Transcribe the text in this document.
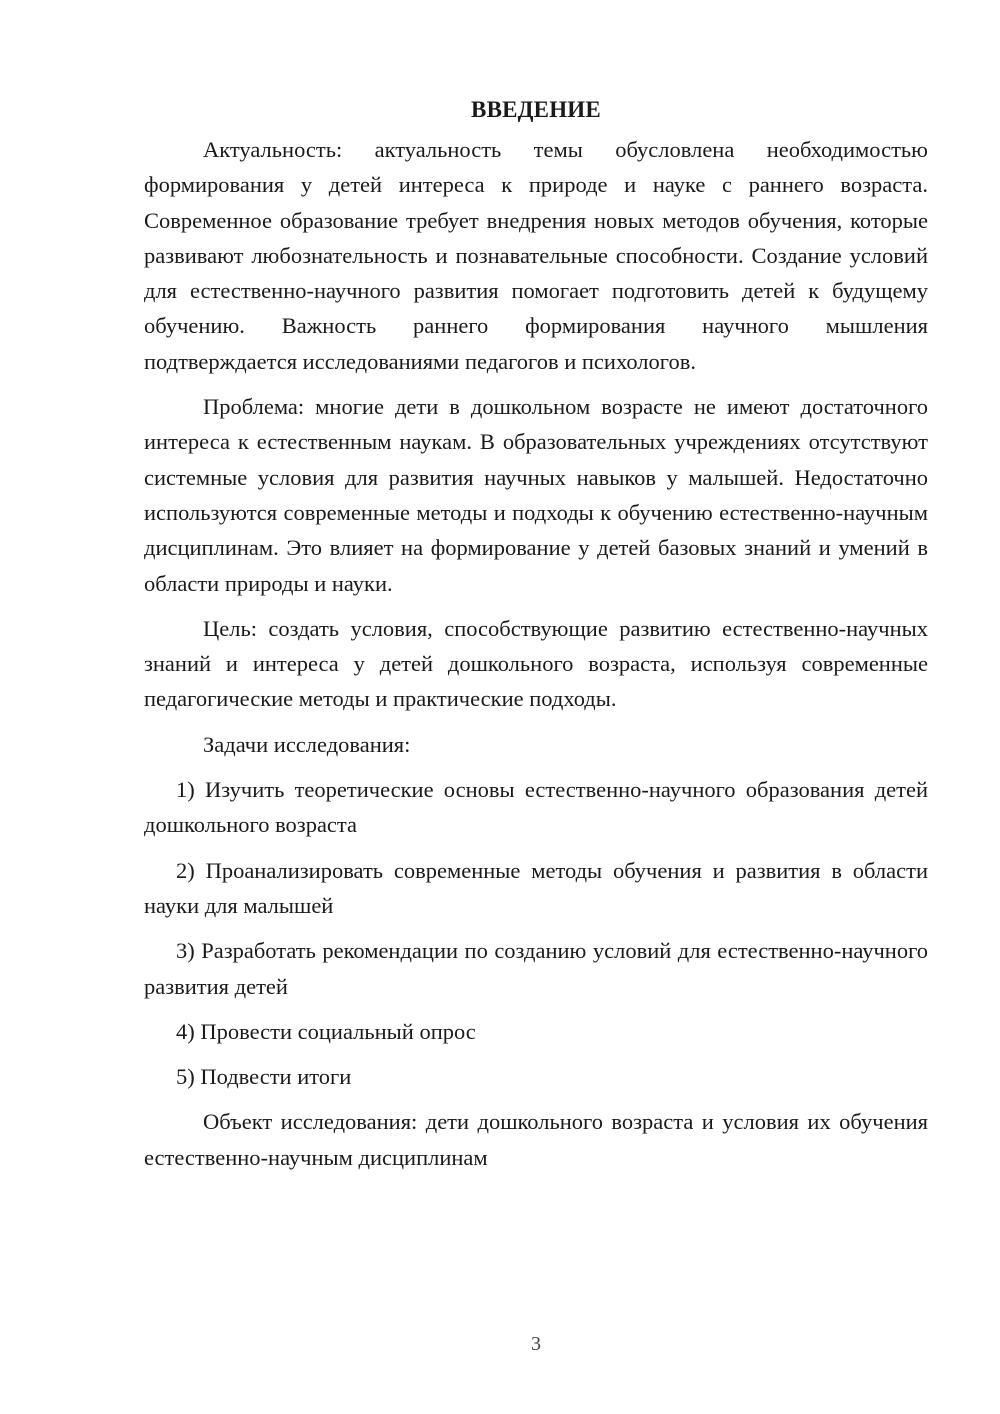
ВВЕДЕНИЕ

Актуальность: актуальность темы обусловлена необходимостью формирования у детей интереса к природе и науке с раннего возраста. Современное образование требует внедрения новых методов обучения, которые развивают любознательность и познавательные способности. Создание условий для естественно-научного развития помогает подготовить детей к будущему обучению. Важность раннего формирования научного мышления подтверждается исследованиями педагогов и психологов.

Проблема: многие дети в дошкольном возрасте не имеют достаточного интереса к естественным наукам. В образовательных учреждениях отсутствуют системные условия для развития научных навыков у малышей. Недостаточно используются современные методы и подходы к обучению естественно-научным дисциплинам. Это влияет на формирование у детей базовых знаний и умений в области природы и науки.

Цель: создать условия, способствующие развитию естественно-научных знаний и интереса у детей дошкольного возраста, используя современные педагогические методы и практические подходы.

Задачи исследования:

1) Изучить теоретические основы естественно-научного образования детей дошкольного возраста

2) Проанализировать современные методы обучения и развития в области науки для малышей

3) Разработать рекомендации по созданию условий для естественно-научного развития детей

4) Провести социальный опрос

5) Подвести итоги

Объект исследования: дети дошкольного возраста и условия их обучения естественно-научным дисциплинам

3
